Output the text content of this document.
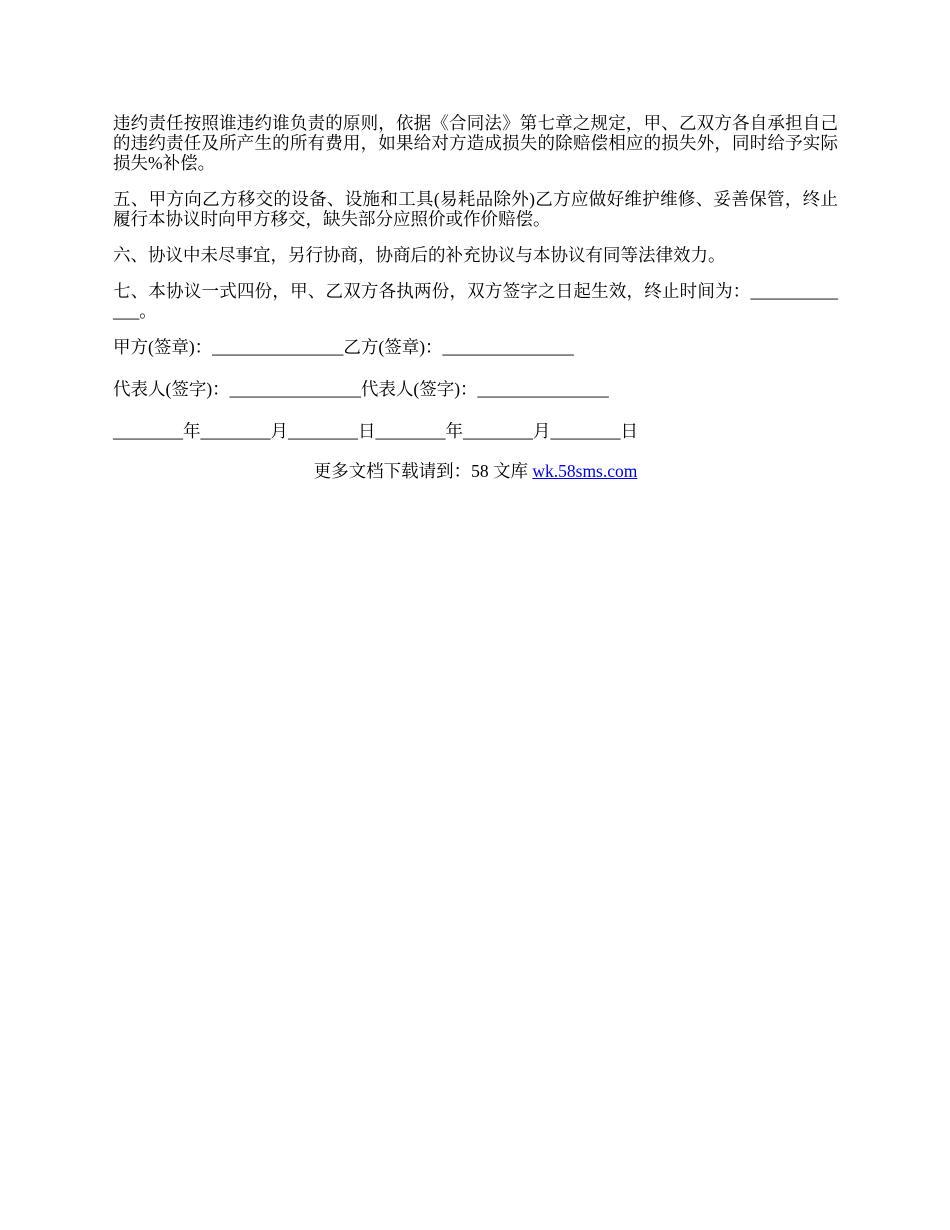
违约责任按照谁违约谁负责的原则，依据《合同法》第七章之规定，甲、乙双方各自承担自己的违约责任及所产生的所有费用，如果给对方造成损失的除赔偿相应的损失外，同时给予实际损失%补偿。

五、甲方向乙方移交的设备、设施和工具(易耗品除外)乙方应做好维护维修、妥善保管，终止履行本协议时向甲方移交，缺失部分应照价或作价赔偿。

六、协议中未尽事宜，另行协商，协商后的补充协议与本协议有同等法律效力。

七、本协议一式四份，甲、乙双方各执两份，双方签字之日起生效，终止时间为：_____________。

甲方(签章)：_______________乙方(签章)：_______________
代表人(签字)：_______________代表人(签字)：_______________
________年________月________日________年________月________日

更多文档下载请到：58 文库 wk.58sms.com
